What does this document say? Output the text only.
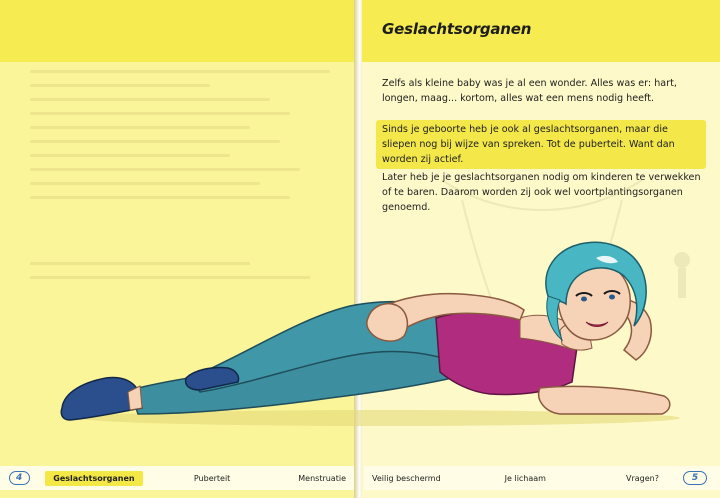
Geslachtsorganen

Zelfs als kleine baby was je al een wonder. Alles was er: hart, longen, maag... kortom, alles wat een mens nodig heeft.

Sinds je geboorte heb je ook al geslachtsorganen, maar die sliepen nog bij wijze van spreken. Tot de puberteit. Want dan worden zij actief.

Later heb je je geslachtsorganen nodig om kinderen te verwekken of te baren. Daarom worden zij ook wel voortplantingsorganen genoemd.

4	Geslachtsorganen	Puberteit	Menstruatie	Veilig beschermd	Je lichaam	Vragen?	5
